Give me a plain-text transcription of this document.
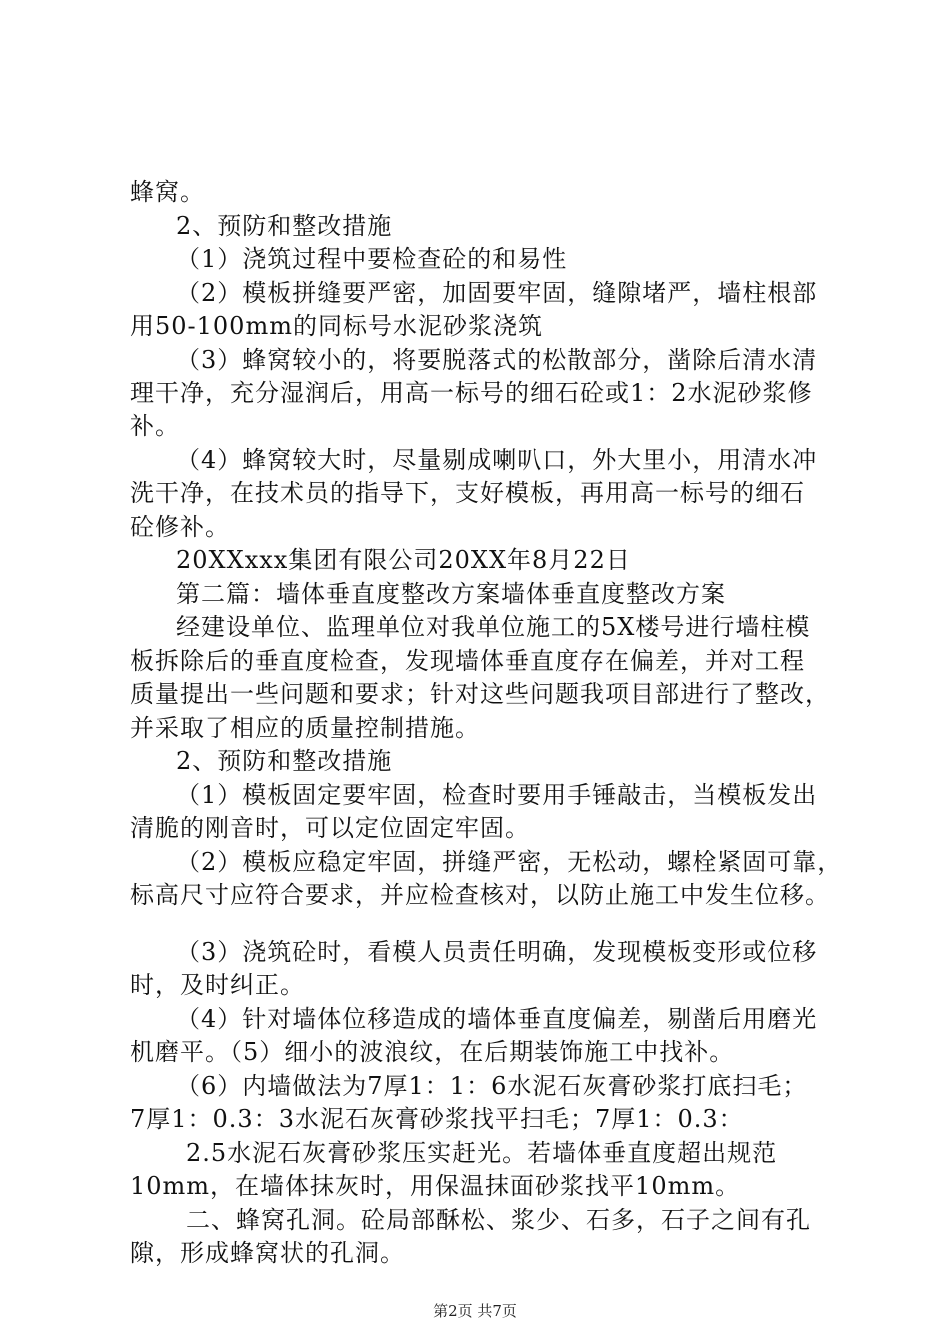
蜂窝。
2、预防和整改措施
（1）浇筑过程中要检查砼的和易性
（2）模板拼缝要严密，加固要牢固，缝隙堵严，墙柱根部
用50-100mm的同标号水泥砂浆浇筑
（3）蜂窝较小的，将要脱落式的松散部分，凿除后清水清
理干净，充分湿润后，用高一标号的细石砼或1：2水泥砂浆修
补。
（4）蜂窝较大时，尽量剔成喇叭口，外大里小，用清水冲
洗干净，在技术员的指导下，支好模板，再用高一标号的细石
砼修补。
20XXxxx集团有限公司20XX年8月22日
第二篇：墙体垂直度整改方案墙体垂直度整改方案
经建设单位、监理单位对我单位施工的5X楼号进行墙柱模
板拆除后的垂直度检查，发现墙体垂直度存在偏差，并对工程
质量提出一些问题和要求；针对这些问题我项目部进行了整改，
并采取了相应的质量控制措施。
2、预防和整改措施
（1）模板固定要牢固，检查时要用手锤敲击，当模板发出
清脆的刚音时，可以定位固定牢固。
（2）模板应稳定牢固，拼缝严密，无松动，螺栓紧固可靠，
标高尺寸应符合要求，并应检查核对，以防止施工中发生位移。
（3）浇筑砼时，看模人员责任明确，发现模板变形或位移
时，及时纠正。
（4）针对墙体位移造成的墙体垂直度偏差，剔凿后用磨光
机磨平。（5）细小的波浪纹，在后期装饰施工中找补。
（6）内墙做法为7厚1：1：6水泥石灰膏砂浆打底扫毛；
7厚1：0.3：3水泥石灰膏砂浆找平扫毛；7厚1：0.3：
2.5水泥石灰膏砂浆压实赶光。若墙体垂直度超出规范
10mm，在墙体抹灰时，用保温抹面砂浆找平10mm。
二、蜂窝孔洞。砼局部酥松、浆少、石多，石子之间有孔
隙，形成蜂窝状的孔洞。
第2页 共7页
